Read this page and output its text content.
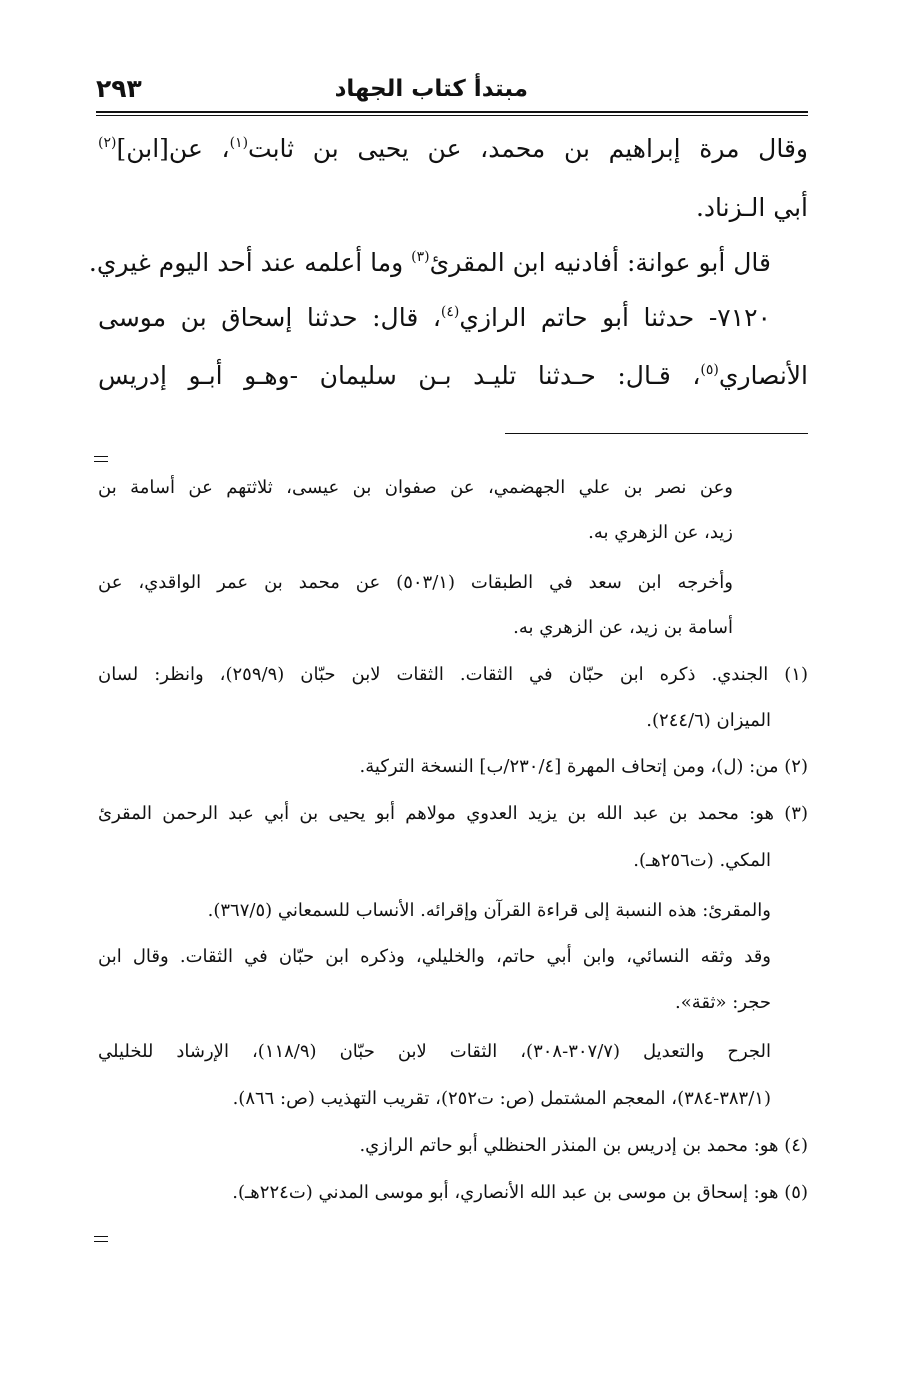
مبتدأ كتاب الجهاد
٢٩٣
وقال مرة إبراهيم بن محمد، عن يحيى بن ثابت$^{(١)}$، عن[ابن]$^{(٢)}$
أبي الـزناد.
قال أبو عوانة: أفادنيه ابن المقرئ$^{(٣)}$ وما أعلمه عند أحد اليوم غيري.
٧١٢٠- حدثنا أبو حاتم الرازي$^{(٤)}$، قال: حدثنا إسحاق بن موسى
الأنصاري$^{(٥)}$، قـال: حـدثنا تليـد بـن سليمان -وهـو أبـو إدريس
وعن نصر بن علي الجهضمي، عن صفوان بن عيسى، ثلاثتهم عن أسامة بن
زيد، عن الزهري به.
وأخرجه ابن سعد في الطبقات (٥٠٣/١) عن محمد بن عمر الواقدي، عن
أسامة بن زيد، عن الزهري به.
(١) الجندي. ذكره ابن حبّان في الثقات. الثقات لابن حبّان (٢٥٩/٩)، وانظر: لسان
الميزان (٢٤٤/٦).
(٢) من: (ل)، ومن إتحاف المهرة [٢٣٠/٤/ب] النسخة التركية.
(٣) هو: محمد بن عبد الله بن يزيد العدوي مولاهم أبو يحيى بن أبي عبد الرحمن المقرئ
المكي. (ت٢٥٦هـ).
والمقرئ: هذه النسبة إلى قراءة القرآن وإقرائه. الأنساب للسمعاني (٣٦٧/٥).
وقد وثقه النسائي، وابن أبي حاتم، والخليلي، وذكره ابن حبّان في الثقات. وقال ابن
حجر: «ثقة».
الجرح والتعديل (٣٠٧/٧-٣٠٨)، الثقات لابن حبّان (١١٨/٩)، الإرشاد للخليلي
(٣٨٣/١-٣٨٤)، المعجم المشتمل (ص: ت٢٥٢)، تقريب التهذيب (ص: ٨٦٦).
(٤) هو: محمد بن إدريس بن المنذر الحنظلي أبو حاتم الرازي.
(٥) هو: إسحاق بن موسى بن عبد الله الأنصاري، أبو موسى المدني (ت٢٢٤هـ).
